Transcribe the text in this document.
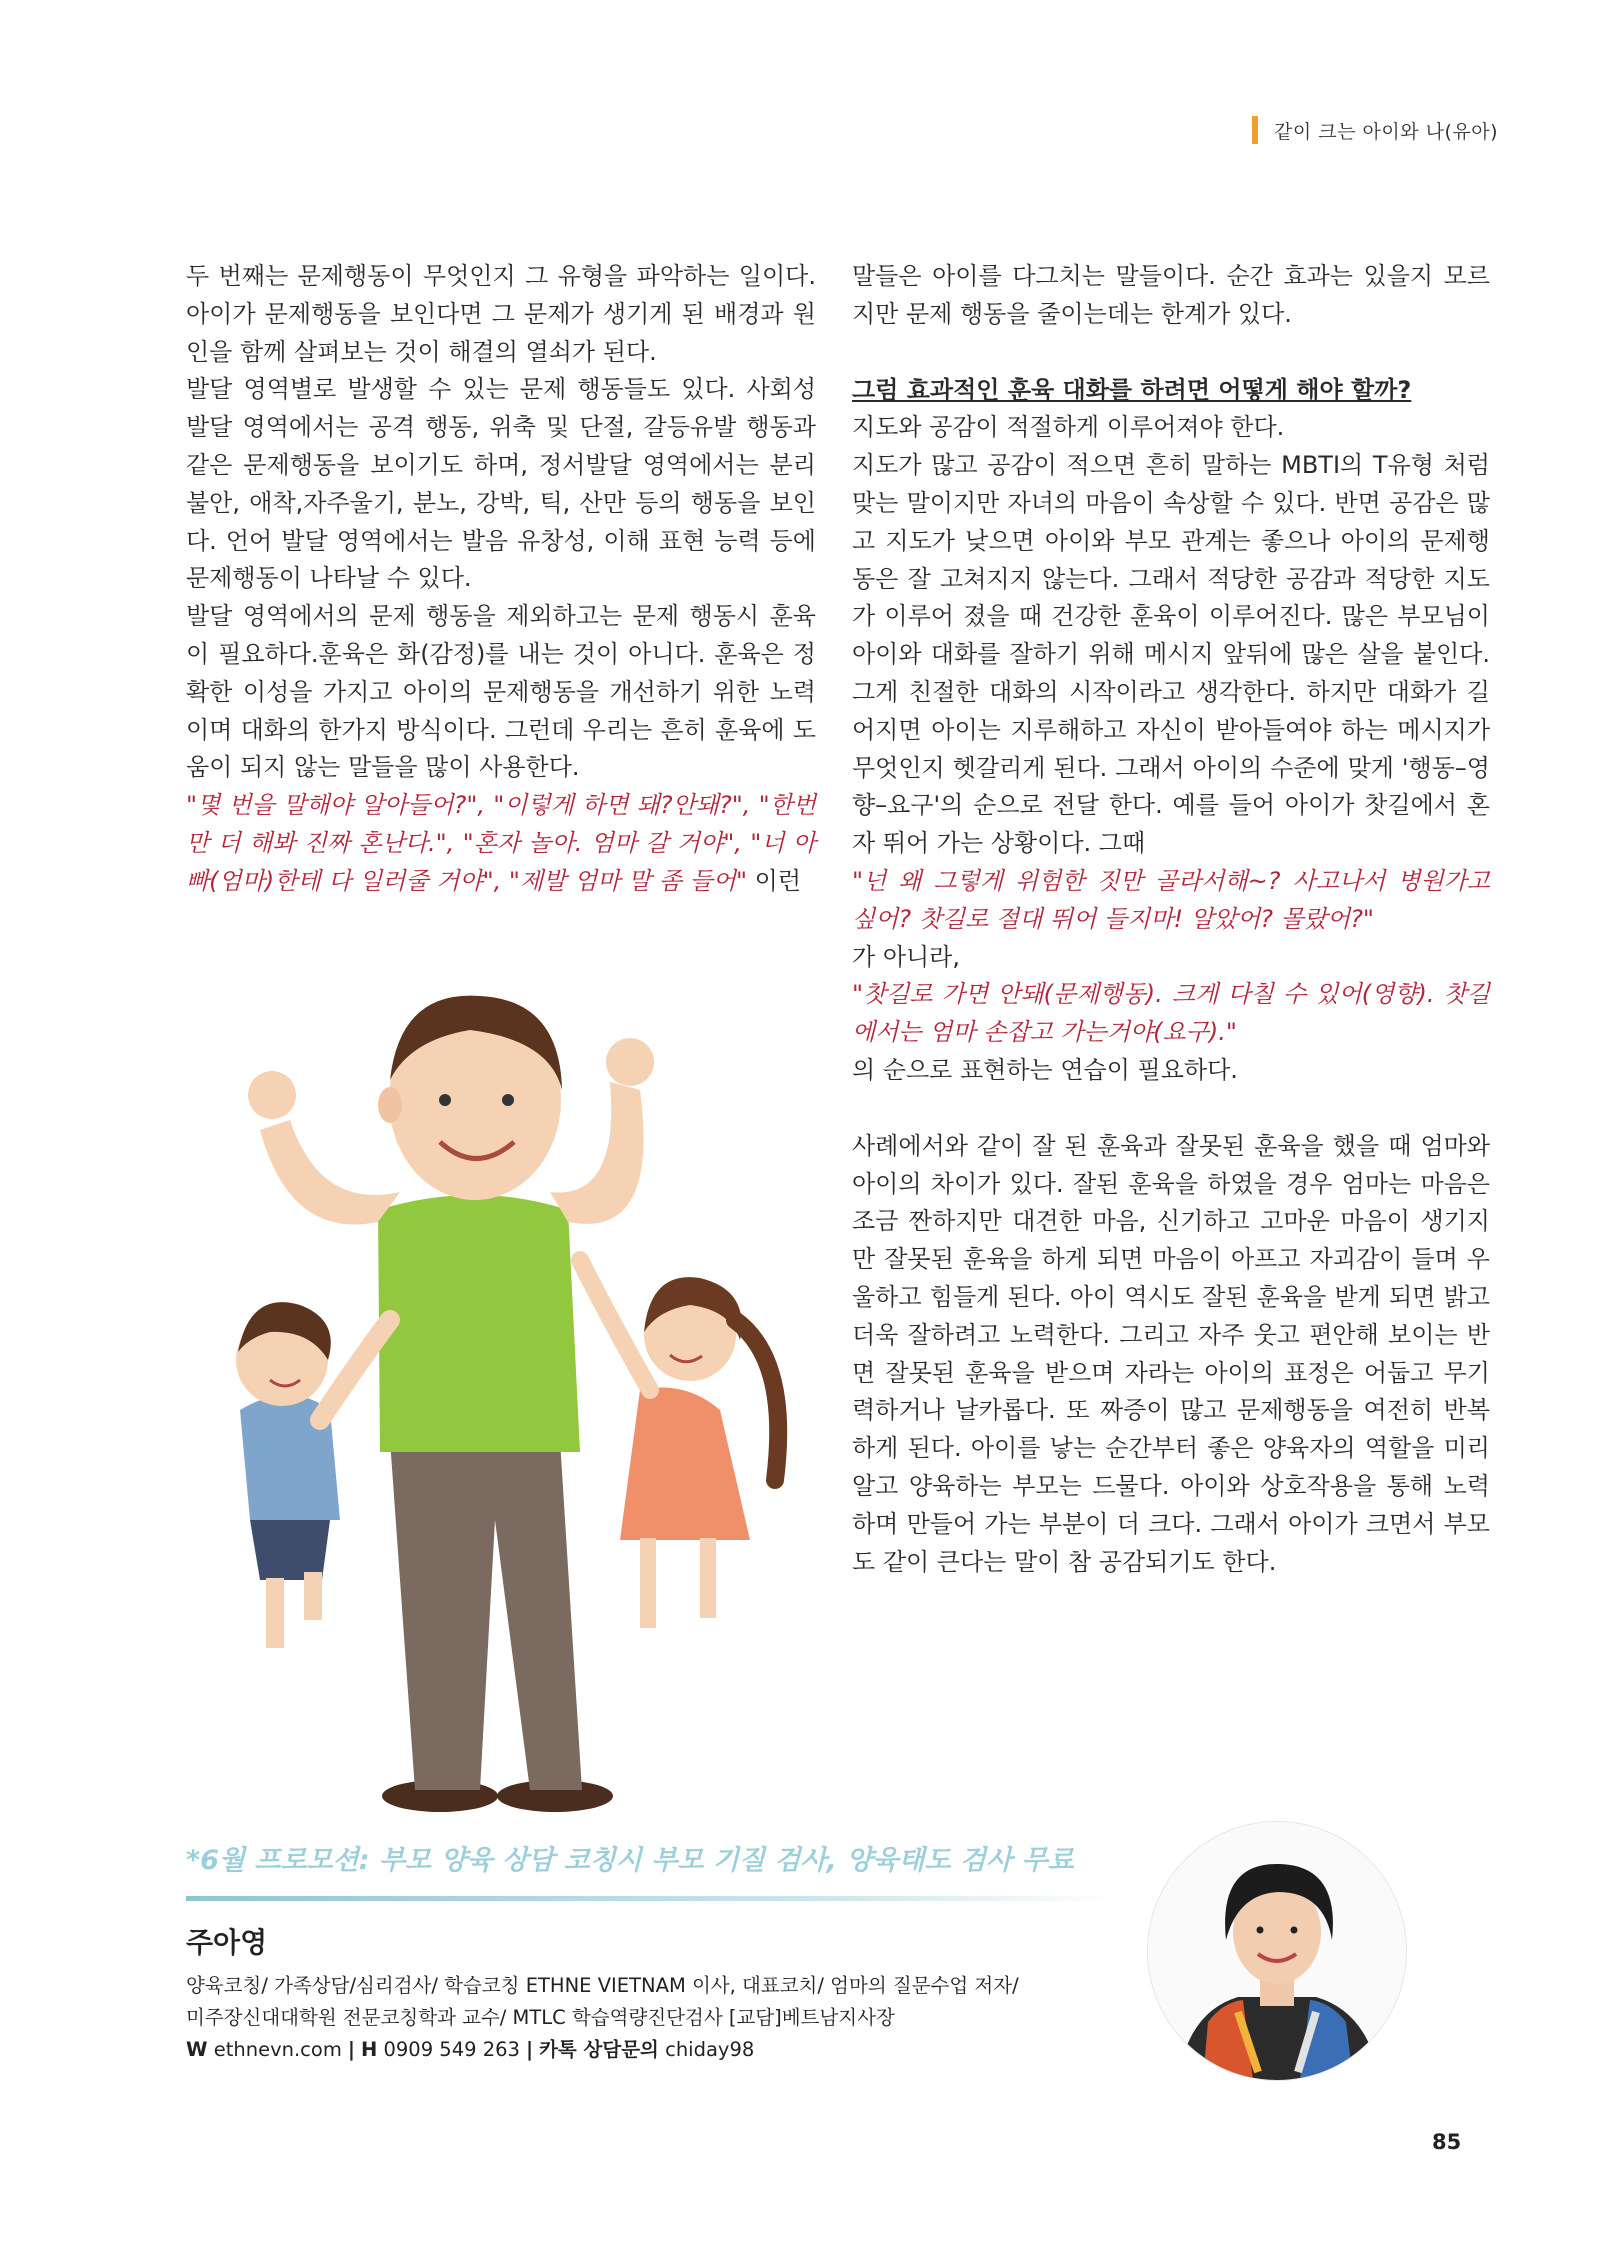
같이 크는 아이와 나(유아)

두 번째는 문제행동이 무엇인지 그 유형을 파악하는 일이다. 아이가 문제행동을 보인다면 그 문제가 생기게 된 배경과 원인을 함께 살펴보는 것이 해결의 열쇠가 된다.

발달 영역별로 발생할 수 있는 문제 행동들도 있다. 사회성 발달 영역에서는 공격 행동, 위축 및 단절, 갈등유발 행동과 같은 문제행동을 보이기도 하며, 정서발달 영역에서는 분리 불안, 애착,자주울기, 분노, 강박, 틱, 산만 등의 행동을 보인다. 언어 발달 영역에서는 발음 유창성, 이해 표현 능력 등에 문제행동이 나타날 수 있다.

발달 영역에서의 문제 행동을 제외하고는 문제 행동시 훈육이 필요하다.훈육은 화(감정)를 내는 것이 아니다. 훈육은 정확한 이성을 가지고 아이의 문제행동을 개선하기 위한 노력이며 대화의 한가지 방식이다. 그런데 우리는 흔히 훈육에 도움이 되지 않는 말들을 많이 사용한다.

"몇 번을 말해야 알아들어?", "이렇게 하면 돼?안돼?", "한번만 더 해봐 진짜 혼난다.", "혼자 놀아. 엄마 갈 거야", "너 아빠(엄마)한테 다 일러줄 거야", "제발 엄마 말 좀 들어" 이런

말들은 아이를 다그치는 말들이다. 순간 효과는 있을지 모르지만 문제 행동을 줄이는데는 한계가 있다.

그럼 효과적인 훈육 대화를 하려면 어떻게 해야 할까?

지도와 공감이 적절하게 이루어져야 한다.

지도가 많고 공감이 적으면 흔히 말하는 MBTI의 T유형 처럼 맞는 말이지만 자녀의 마음이 속상할 수 있다. 반면 공감은 많고 지도가 낮으면 아이와 부모 관계는 좋으나 아이의 문제행동은 잘 고쳐지지 않는다. 그래서 적당한 공감과 적당한 지도가 이루어 졌을 때 건강한 훈육이 이루어진다. 많은 부모님이 아이와 대화를 잘하기 위해 메시지 앞뒤에 많은 살을 붙인다. 그게 친절한 대화의 시작이라고 생각한다. 하지만 대화가 길어지면 아이는 지루해하고 자신이 받아들여야 하는 메시지가 무엇인지 헷갈리게 된다. 그래서 아이의 수준에 맞게 '행동–영향–요구'의 순으로 전달 한다. 예를 들어 아이가 찻길에서 혼자 뛰어 가는 상황이다. 그때

"넌 왜 그렇게 위험한 짓만 골라서해~? 사고나서 병원가고 싶어? 찻길로 절대 뛰어 들지마! 알았어? 몰랐어?"

가 아니라,

"찻길로 가면 안돼(문제행동). 크게 다칠 수 있어(영향). 찻길에서는 엄마 손잡고 가는거야(요구)."

의 순으로 표현하는 연습이 필요하다.

사례에서와 같이 잘 된 훈육과 잘못된 훈육을 했을 때 엄마와 아이의 차이가 있다. 잘된 훈육을 하였을 경우 엄마는 마음은 조금 짠하지만 대견한 마음, 신기하고 고마운 마음이 생기지만 잘못된 훈육을 하게 되면 마음이 아프고 자괴감이 들며 우울하고 힘들게 된다. 아이 역시도 잘된 훈육을 받게 되면 밝고 더욱 잘하려고 노력한다. 그리고 자주 웃고 편안해 보이는 반면 잘못된 훈육을 받으며 자라는 아이의 표정은 어둡고 무기력하거나 날카롭다. 또 짜증이 많고 문제행동을 여전히 반복하게 된다. 아이를 낳는 순간부터 좋은 양육자의 역할을 미리 알고 양육하는 부모는 드물다. 아이와 상호작용을 통해 노력하며 만들어 가는 부분이 더 크다. 그래서 아이가 크면서 부모도 같이 큰다는 말이 참 공감되기도 한다.

*6월 프로모션: 부모 양육 상담 코칭시 부모 기질 검사, 양육태도 검사 무료
주아영
양육코칭/ 가족상담/심리검사/ 학습코칭 ETHNE VIETNAM 이사, 대표코치/ 엄마의 질문수업 저자/
미주장신대대학원 전문코칭학과 교수/ MTLC 학습역량진단검사 [교담]베트남지사장
W ethnevn.com | H 0909 549 263 | 카톡 상담문의 chiday98
85
